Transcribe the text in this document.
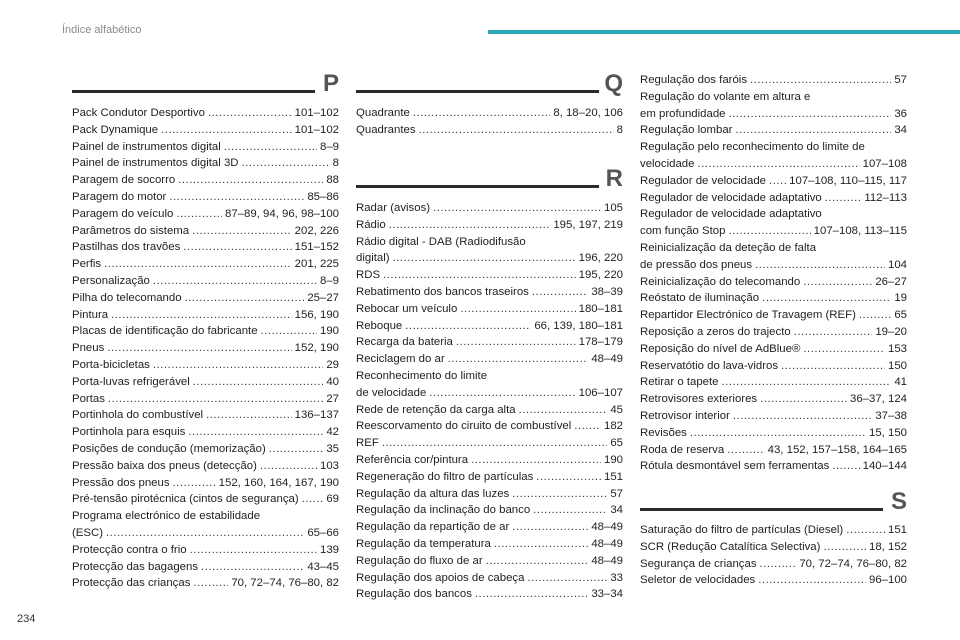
Índice alfabético
P
Pack Condutor Desportivo .....	101–102
Pack Dynamique .....	101–102
Painel de instrumentos digital .....	8–9
Painel de instrumentos digital 3D .....	8
Paragem de socorro .....	88
Paragem do motor .....	85–86
Paragem do veículo .....	87–89, 94, 96, 98–100
Parâmetros do sistema .....	202, 226
Pastilhas dos travões .....	151–152
Perfis .....	201, 225
Personalização .....	8–9
Pilha do telecomando .....	25–27
Pintura .....	156, 190
Placas de identificação do fabricante .....	190
Pneus .....	152, 190
Porta-bicicletas .....	29
Porta-luvas refrigerável .....	40
Portas .....	27
Portinhola do combustível .....	136–137
Portinhola para esquis .....	42
Posições de condução (memorização) .....	35
Pressão baixa dos pneus (detecção) .....	103
Pressão dos pneus .....	152, 160, 164, 167, 190
Pré-tensão pirotécnica (cintos de segurança) ..... 69
Programa electrónico de estabilidade
(ESC) .....	65–66
Protecção contra o frio .....	139
Protecção das bagagens .....	43–45
Protecção das crianças .....	70, 72–74, 76–80, 82
Q
Quadrante .....	8, 18–20, 106
Quadrantes .....	8
R
Radar (avisos) .....	105
Rádio .....	195, 197, 219
Rádio digital - DAB (Radiodifusão
digital) .....	196, 220
RDS .....	195, 220
Rebatimento dos bancos traseiros .....	38–39
Rebocar um veículo .....	180–181
Reboque .....	66, 139, 180–181
Recarga da bateria .....	178–179
Reciclagem do ar .....	48–49
Reconhecimento do limite
de velocidade .....	106–107
Rede de retenção da carga alta .....	45
Reescorvamento do ciruito de combustível .....	182
REF .....	65
Referência cor/pintura .....	190
Regeneração do filtro de partículas .....	151
Regulação da altura das luzes .....	57
Regulação da inclinação do banco .....	34
Regulação da repartição de ar .....	48–49
Regulação da temperatura .....	48–49
Regulação do fluxo de ar .....	48–49
Regulação dos apoios de cabeça .....	33
Regulação dos bancos .....	33–34
Regulação dos faróis .....	57
Regulação do volante em altura e
em profundidade .....	36
Regulação lombar .....	34
Regulação pelo reconhecimento do limite de
velocidade .....	107–108
Regulador de velocidade ..... 107–108, 110–115, 117
Regulador de velocidade adaptativo .....	112–113
Regulador de velocidade adaptativo
com função Stop .....	107–108, 113–115
Reinicialização da deteção de falta
de pressão dos pneus .....	104
Reinicialização do telecomando .....	26–27
Reóstato de iluminação .....	19
Repartidor Electrónico de Travagem (REF) .....	65
Reposição a zeros do trajecto .....	19–20
Reposição do nível de AdBlue® .....	153
Reservatótio do lava-vidros .....	150
Retirar o tapete .....	41
Retrovisores exteriores .....	36–37, 124
Retrovisor interior .....	37–38
Revisões .....	15, 150
Roda de reserva .....	43, 152, 157–158, 164–165
Rótula desmontável sem ferramentas .....	140–144
S
Saturação do filtro de partículas (Diesel) .....	151
SCR (Redução Catalítica Selectiva) .....	18, 152
Segurança de crianças .....	70, 72–74, 76–80, 82
Seletor de velocidades .....	96–100
234
